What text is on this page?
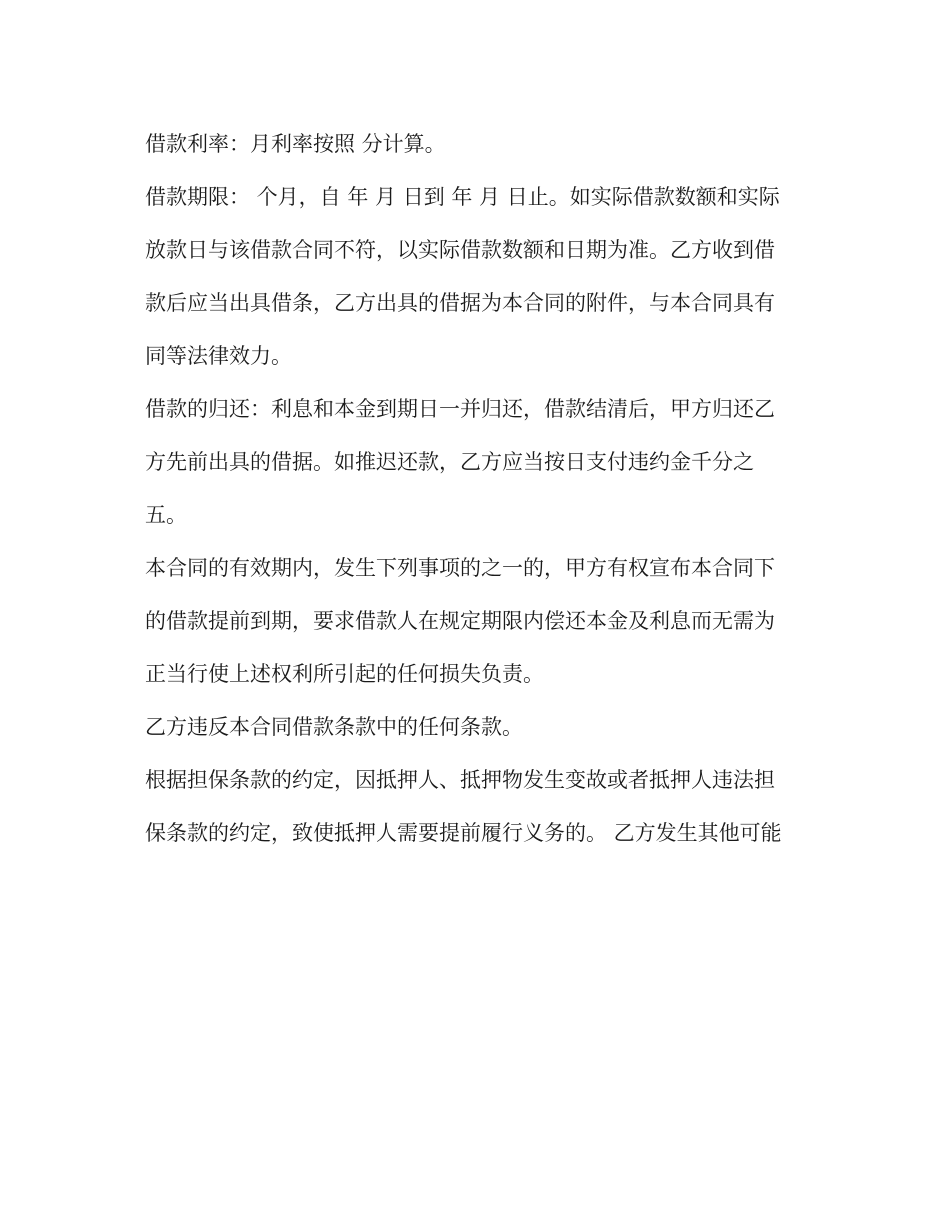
借款利率：月利率按照 分计算。
借款期限： 个月，自 年 月 日到 年 月 日止。如实际借款数额和实际
放款日与该借款合同不符，以实际借款数额和日期为准。乙方收到借
款后应当出具借条，乙方出具的借据为本合同的附件，与本合同具有
同等法律效力。
借款的归还：利息和本金到期日一并归还，借款结清后，甲方归还乙
方先前出具的借据。如推迟还款，乙方应当按日支付违约金千分之
五。
本合同的有效期内，发生下列事项的之一的，甲方有权宣布本合同下
的借款提前到期，要求借款人在规定期限内偿还本金及利息而无需为
正当行使上述权利所引起的任何损失负责。
乙方违反本合同借款条款中的任何条款。
根据担保条款的约定，因抵押人、抵押物发生变故或者抵押人违法担
保条款的约定，致使抵押人需要提前履行义务的。 乙方发生其他可能
